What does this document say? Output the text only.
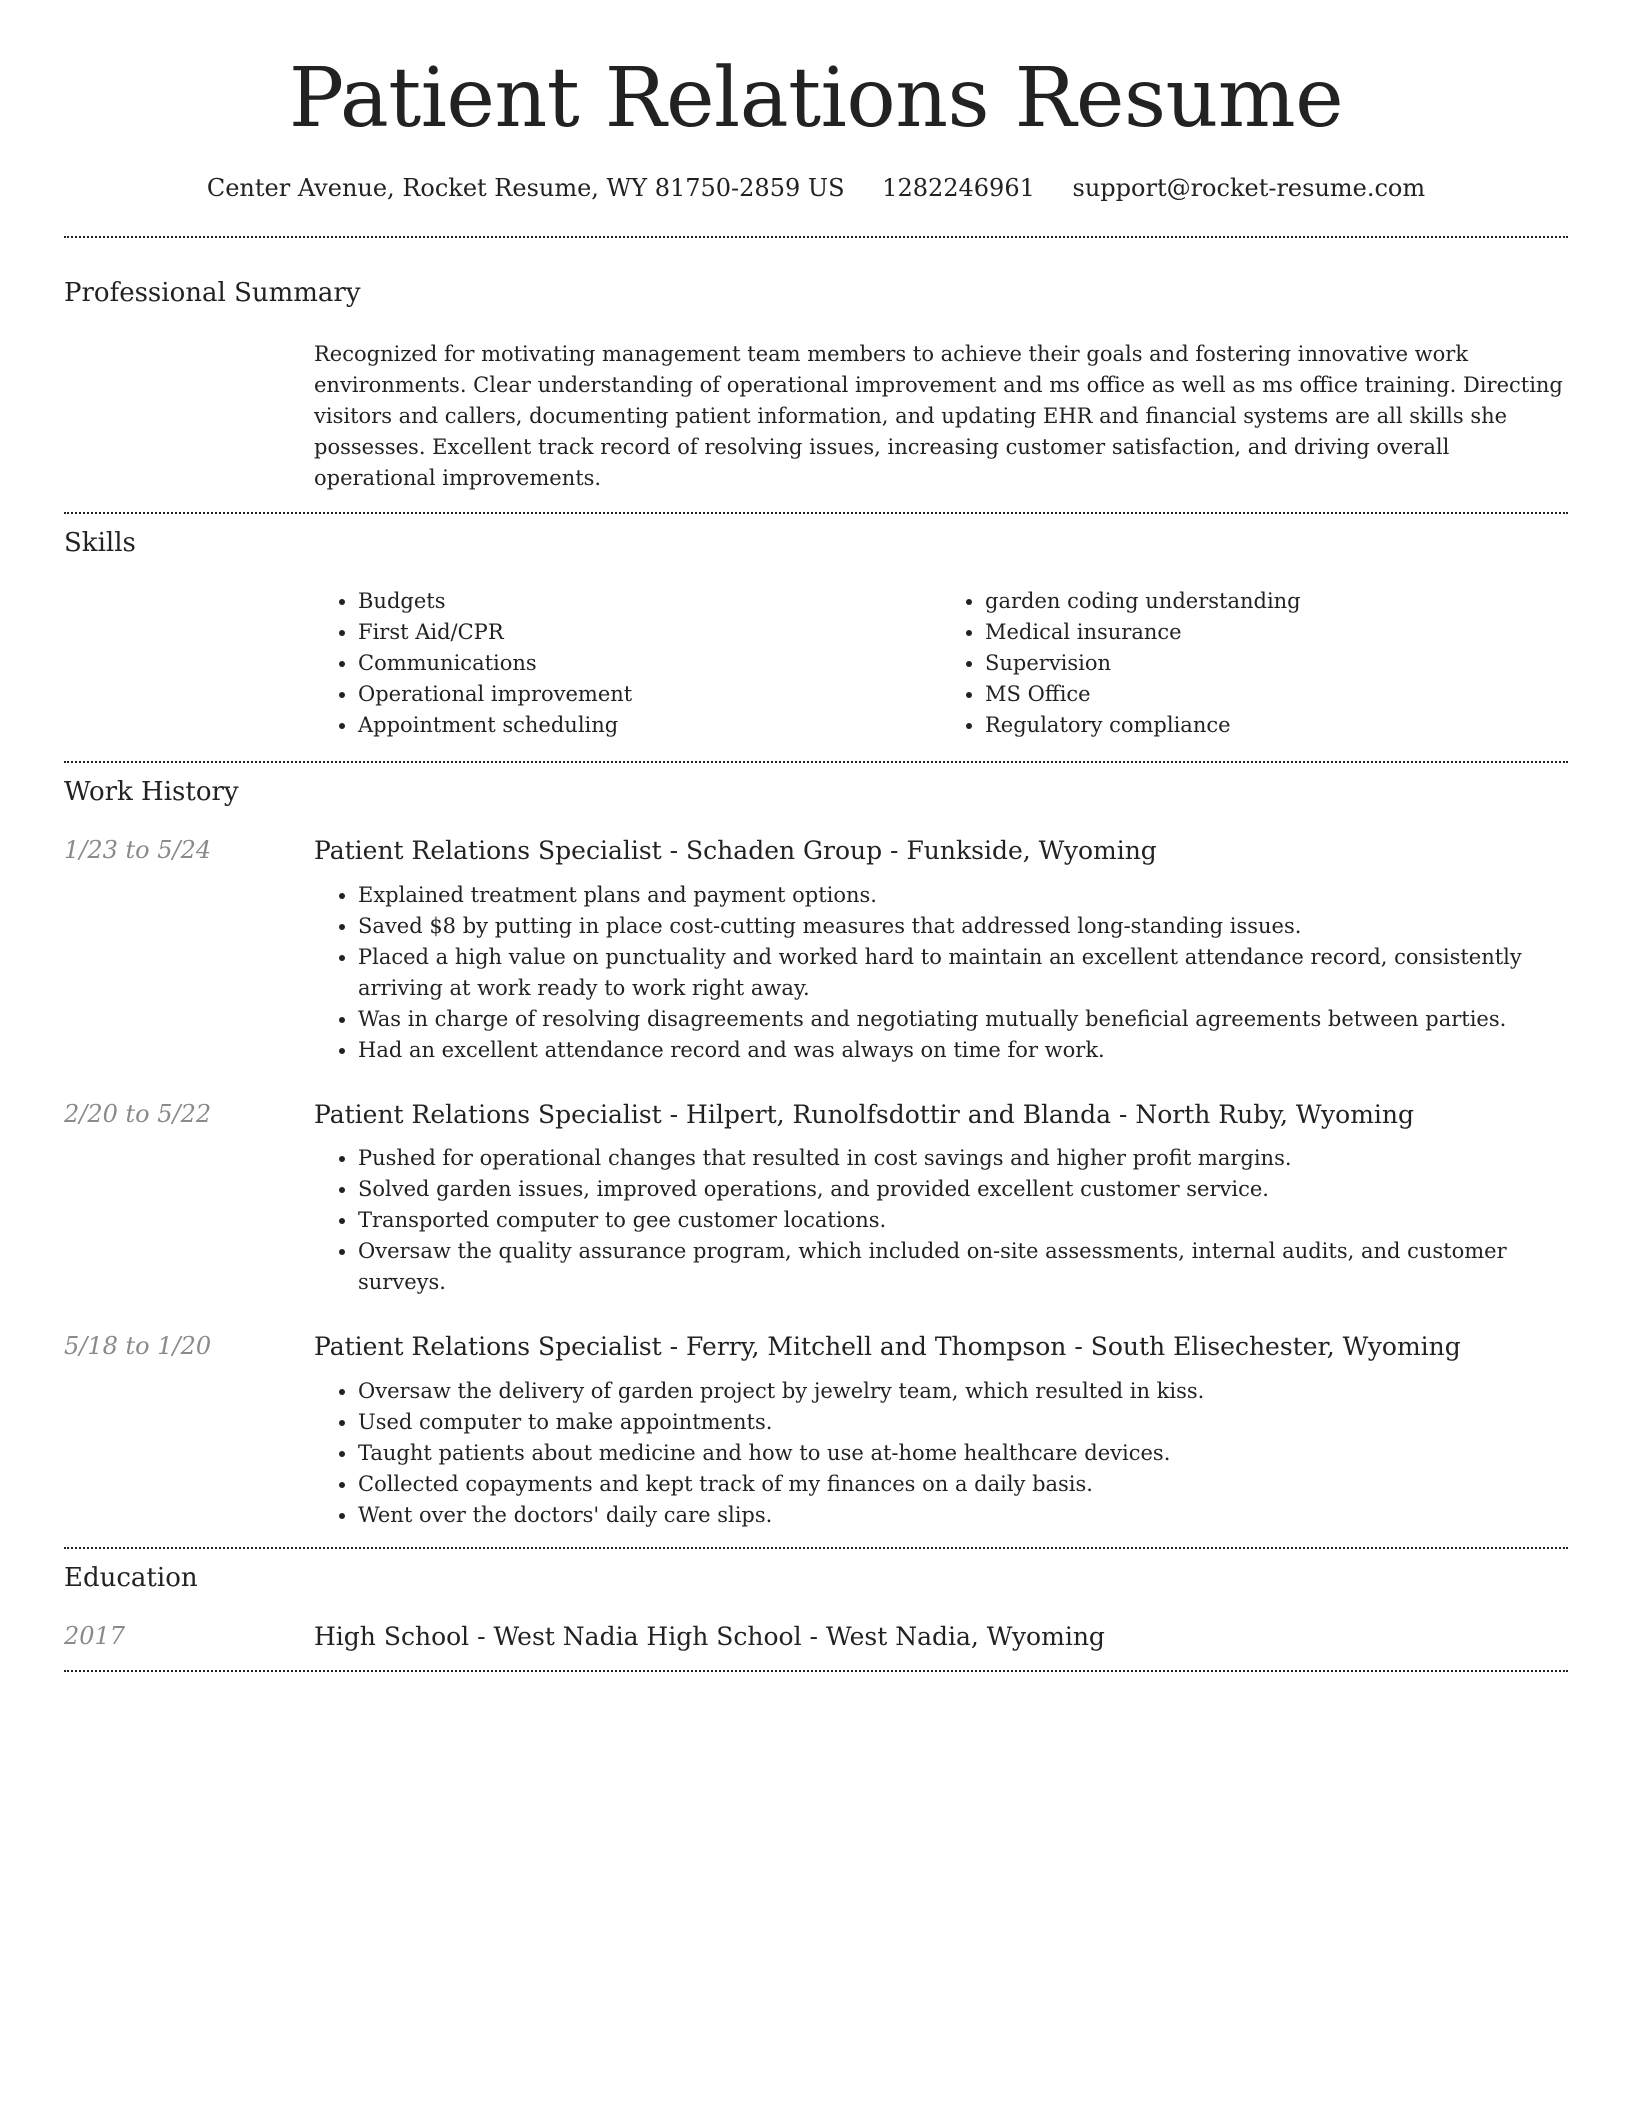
Patient Relations Resume
Center Avenue, Rocket Resume, WY 81750-2859 US 1282246961 support@rocket-resume.com
Professional Summary

Recognized for motivating management team members to achieve their goals and fostering innovative work environments. Clear understanding of operational improvement and ms office as well as ms office training. Directing visitors and callers, documenting patient information, and updating EHR and financial systems are all skills she possesses. Excellent track record of resolving issues, increasing customer satisfaction, and driving overall operational improvements.

Skills
• Budgets
• First Aid/CPR
• Communications
• Operational improvement
• Appointment scheduling
• garden coding understanding
• Medical insurance
• Supervision
• MS Office
• Regulatory compliance
Work History
1/23 to 5/24	Patient Relations Specialist - Schaden Group - Funkside, Wyoming
• Explained treatment plans and payment options.
• Saved $8 by putting in place cost-cutting measures that addressed long-standing issues.
• Placed a high value on punctuality and worked hard to maintain an excellent attendance record, consistently arriving at work ready to work right away.
• Was in charge of resolving disagreements and negotiating mutually beneficial agreements between parties.
• Had an excellent attendance record and was always on time for work.
2/20 to 5/22	Patient Relations Specialist - Hilpert, Runolfsdottir and Blanda - North Ruby, Wyoming
• Pushed for operational changes that resulted in cost savings and higher profit margins.
• Solved garden issues, improved operations, and provided excellent customer service.
• Transported computer to gee customer locations.
• Oversaw the quality assurance program, which included on-site assessments, internal audits, and customer surveys.
5/18 to 1/20	Patient Relations Specialist - Ferry, Mitchell and Thompson - South Elisechester, Wyoming
• Oversaw the delivery of garden project by jewelry team, which resulted in kiss.
• Used computer to make appointments.
• Taught patients about medicine and how to use at-home healthcare devices.
• Collected copayments and kept track of my finances on a daily basis.
• Went over the doctors' daily care slips.
Education
2017	High School - West Nadia High School - West Nadia, Wyoming
